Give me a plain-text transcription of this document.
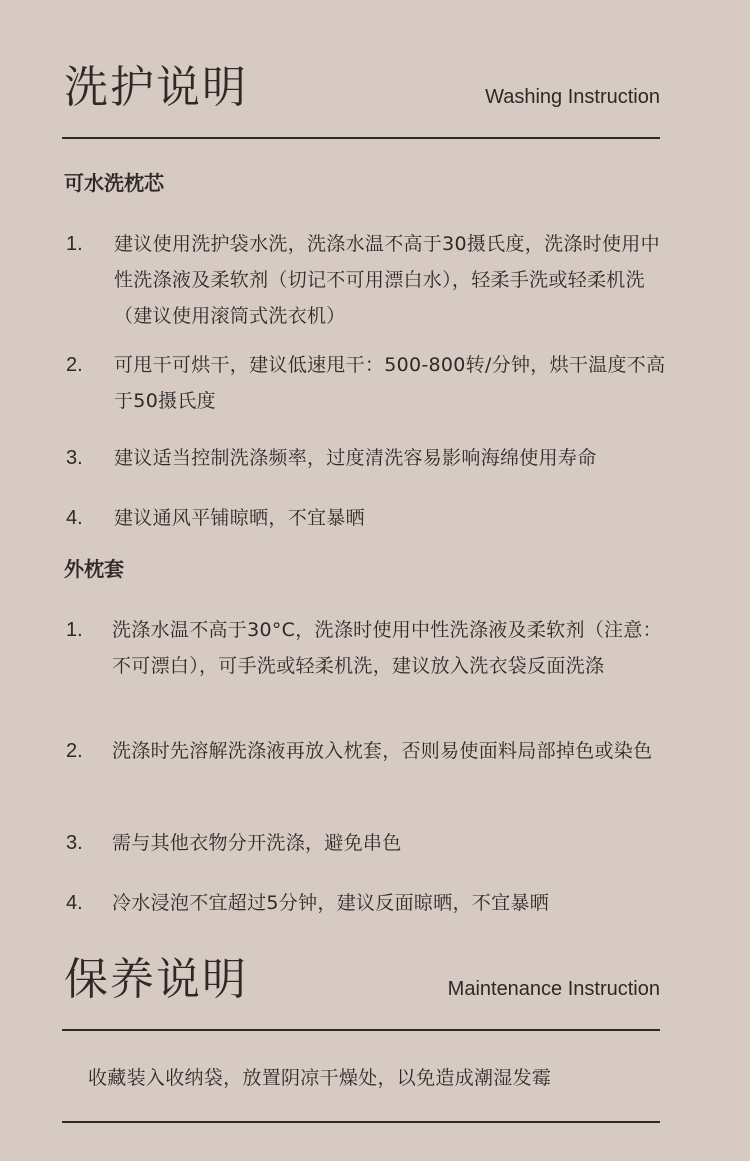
洗护说明	Washing Instruction
可水洗枕芯
1.	建议使用洗护袋水洗，洗涤水温不高于30摄氏度，洗涤时使用中性洗涤液及柔软剂（切记不可用漂白水），轻柔手洗或轻柔机洗（建议使用滚筒式洗衣机）
2.	可甩干可烘干，建议低速甩干：500-800转/分钟，烘干温度不高于50摄氏度
3.	建议适当控制洗涤频率，过度清洗容易影响海绵使用寿命
4.	建议通风平铺晾晒，不宜暴晒
外枕套
1.	洗涤水温不高于30°C，洗涤时使用中性洗涤液及柔软剂（注意：不可漂白），可手洗或轻柔机洗，建议放入洗衣袋反面洗涤
2.	洗涤时先溶解洗涤液再放入枕套，否则易使面料局部掉色或染色
3.	需与其他衣物分开洗涤，避免串色
4.	冷水浸泡不宜超过5分钟，建议反面晾晒，不宜暴晒
保养说明	Maintenance Instruction
收藏装入收纳袋，放置阴凉干燥处，以免造成潮湿发霉
